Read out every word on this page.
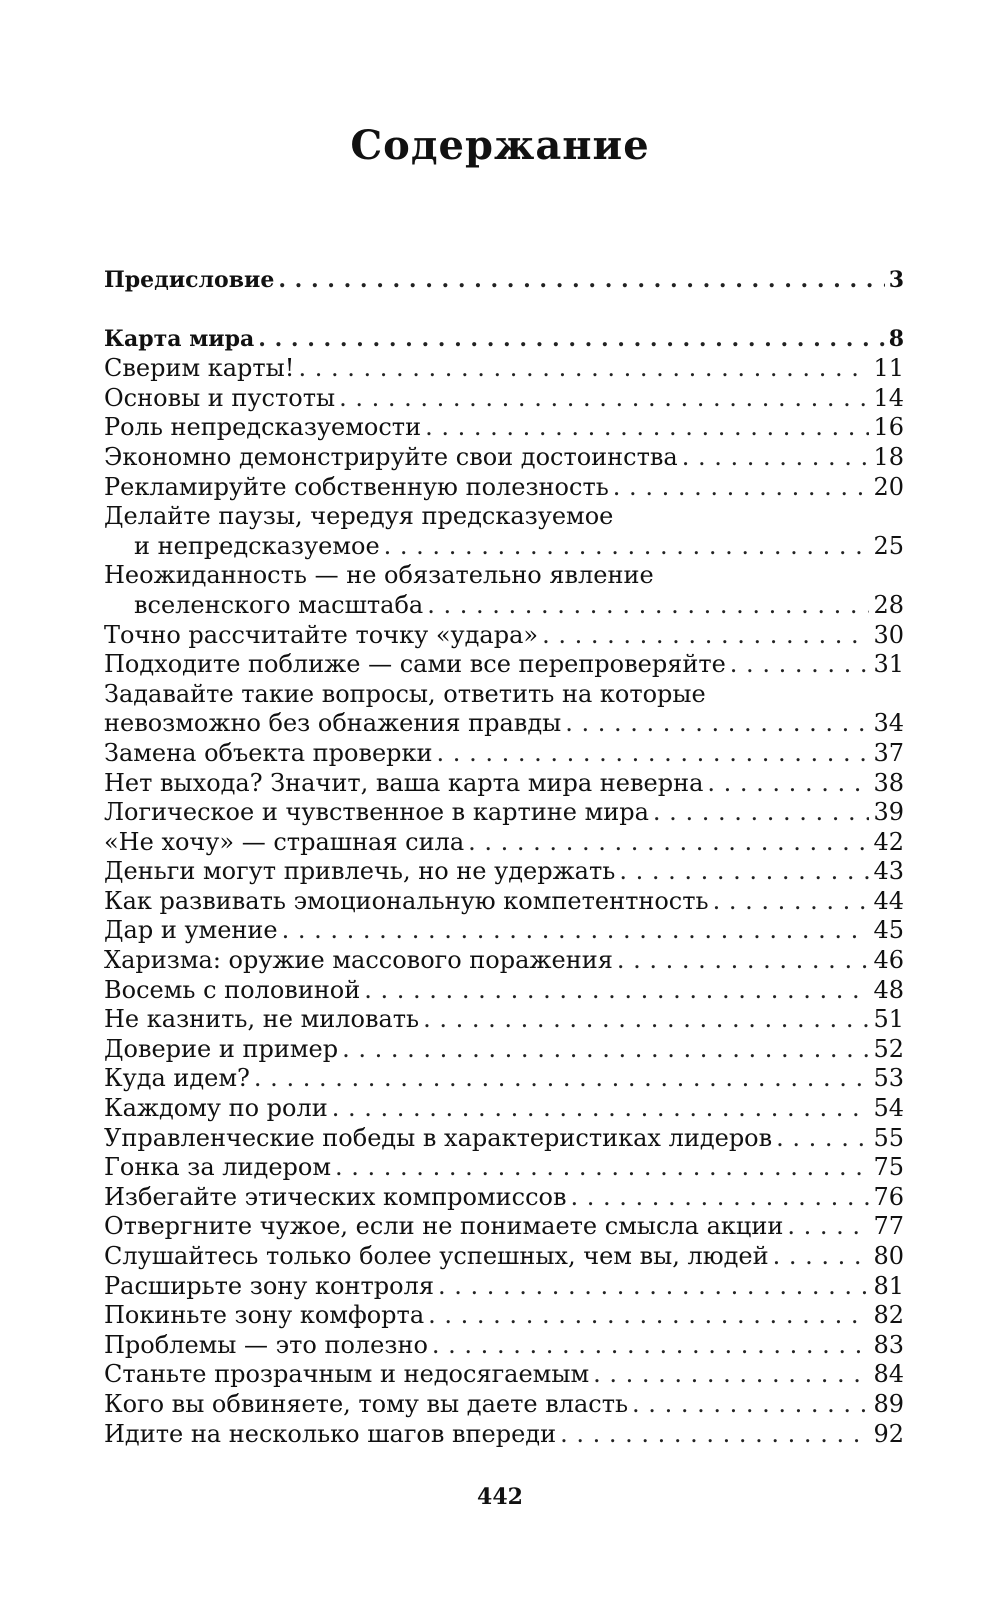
Содержание
Предисловие . . .	3
Карта мира . . .	8
Сверим карты! . . .	11
Основы и пустоты . . .	14
Роль непредсказуемости . . .	16
Экономно демонстрируйте свои достоинства . . .	18
Рекламируйте собственную полезность . . .	20
Делайте паузы, чередуя предсказуемое
и непредсказуемое . . .	25
Неожиданность — не обязательно явление
вселенского масштаба . . .	28
Точно рассчитайте точку «удара» . . .	30
Подходите поближе — сами все перепроверяйте . . .	31
Задавайте такие вопросы, ответить на которые
невозможно без обнажения правды . . .	34
Замена объекта проверки . . .	37
Нет выхода? Значит, ваша карта мира неверна . . .	38
Логическое и чувственное в картине мира . . .	39
«Не хочу» — страшная сила . . .	42
Деньги могут привлечь, но не удержать . . .	43
Как развивать эмоциональную компетентность . . .	44
Дар и умение . . .	45
Харизма: оружие массового поражения . . .	46
Восемь с половиной . . .	48
Не казнить, не миловать . . .	51
Доверие и пример . . .	52
Куда идем? . . .	53
Каждому по роли . . .	54
Управленческие победы в характеристиках лидеров . . .	55
Гонка за лидером . . .	75
Избегайте этических компромиссов . . .	76
Отвергните чужое, если не понимаете смысла акции . . .	77
Слушайтесь только более успешных, чем вы, людей . . .	80
Расширьте зону контроля . . .	81
Покиньте зону комфорта . . .	82
Проблемы — это полезно . . .	83
Станьте прозрачным и недосягаемым . . .	84
Кого вы обвиняете, тому вы даете власть . . .	89
Идите на несколько шагов впереди . . .	92
442
